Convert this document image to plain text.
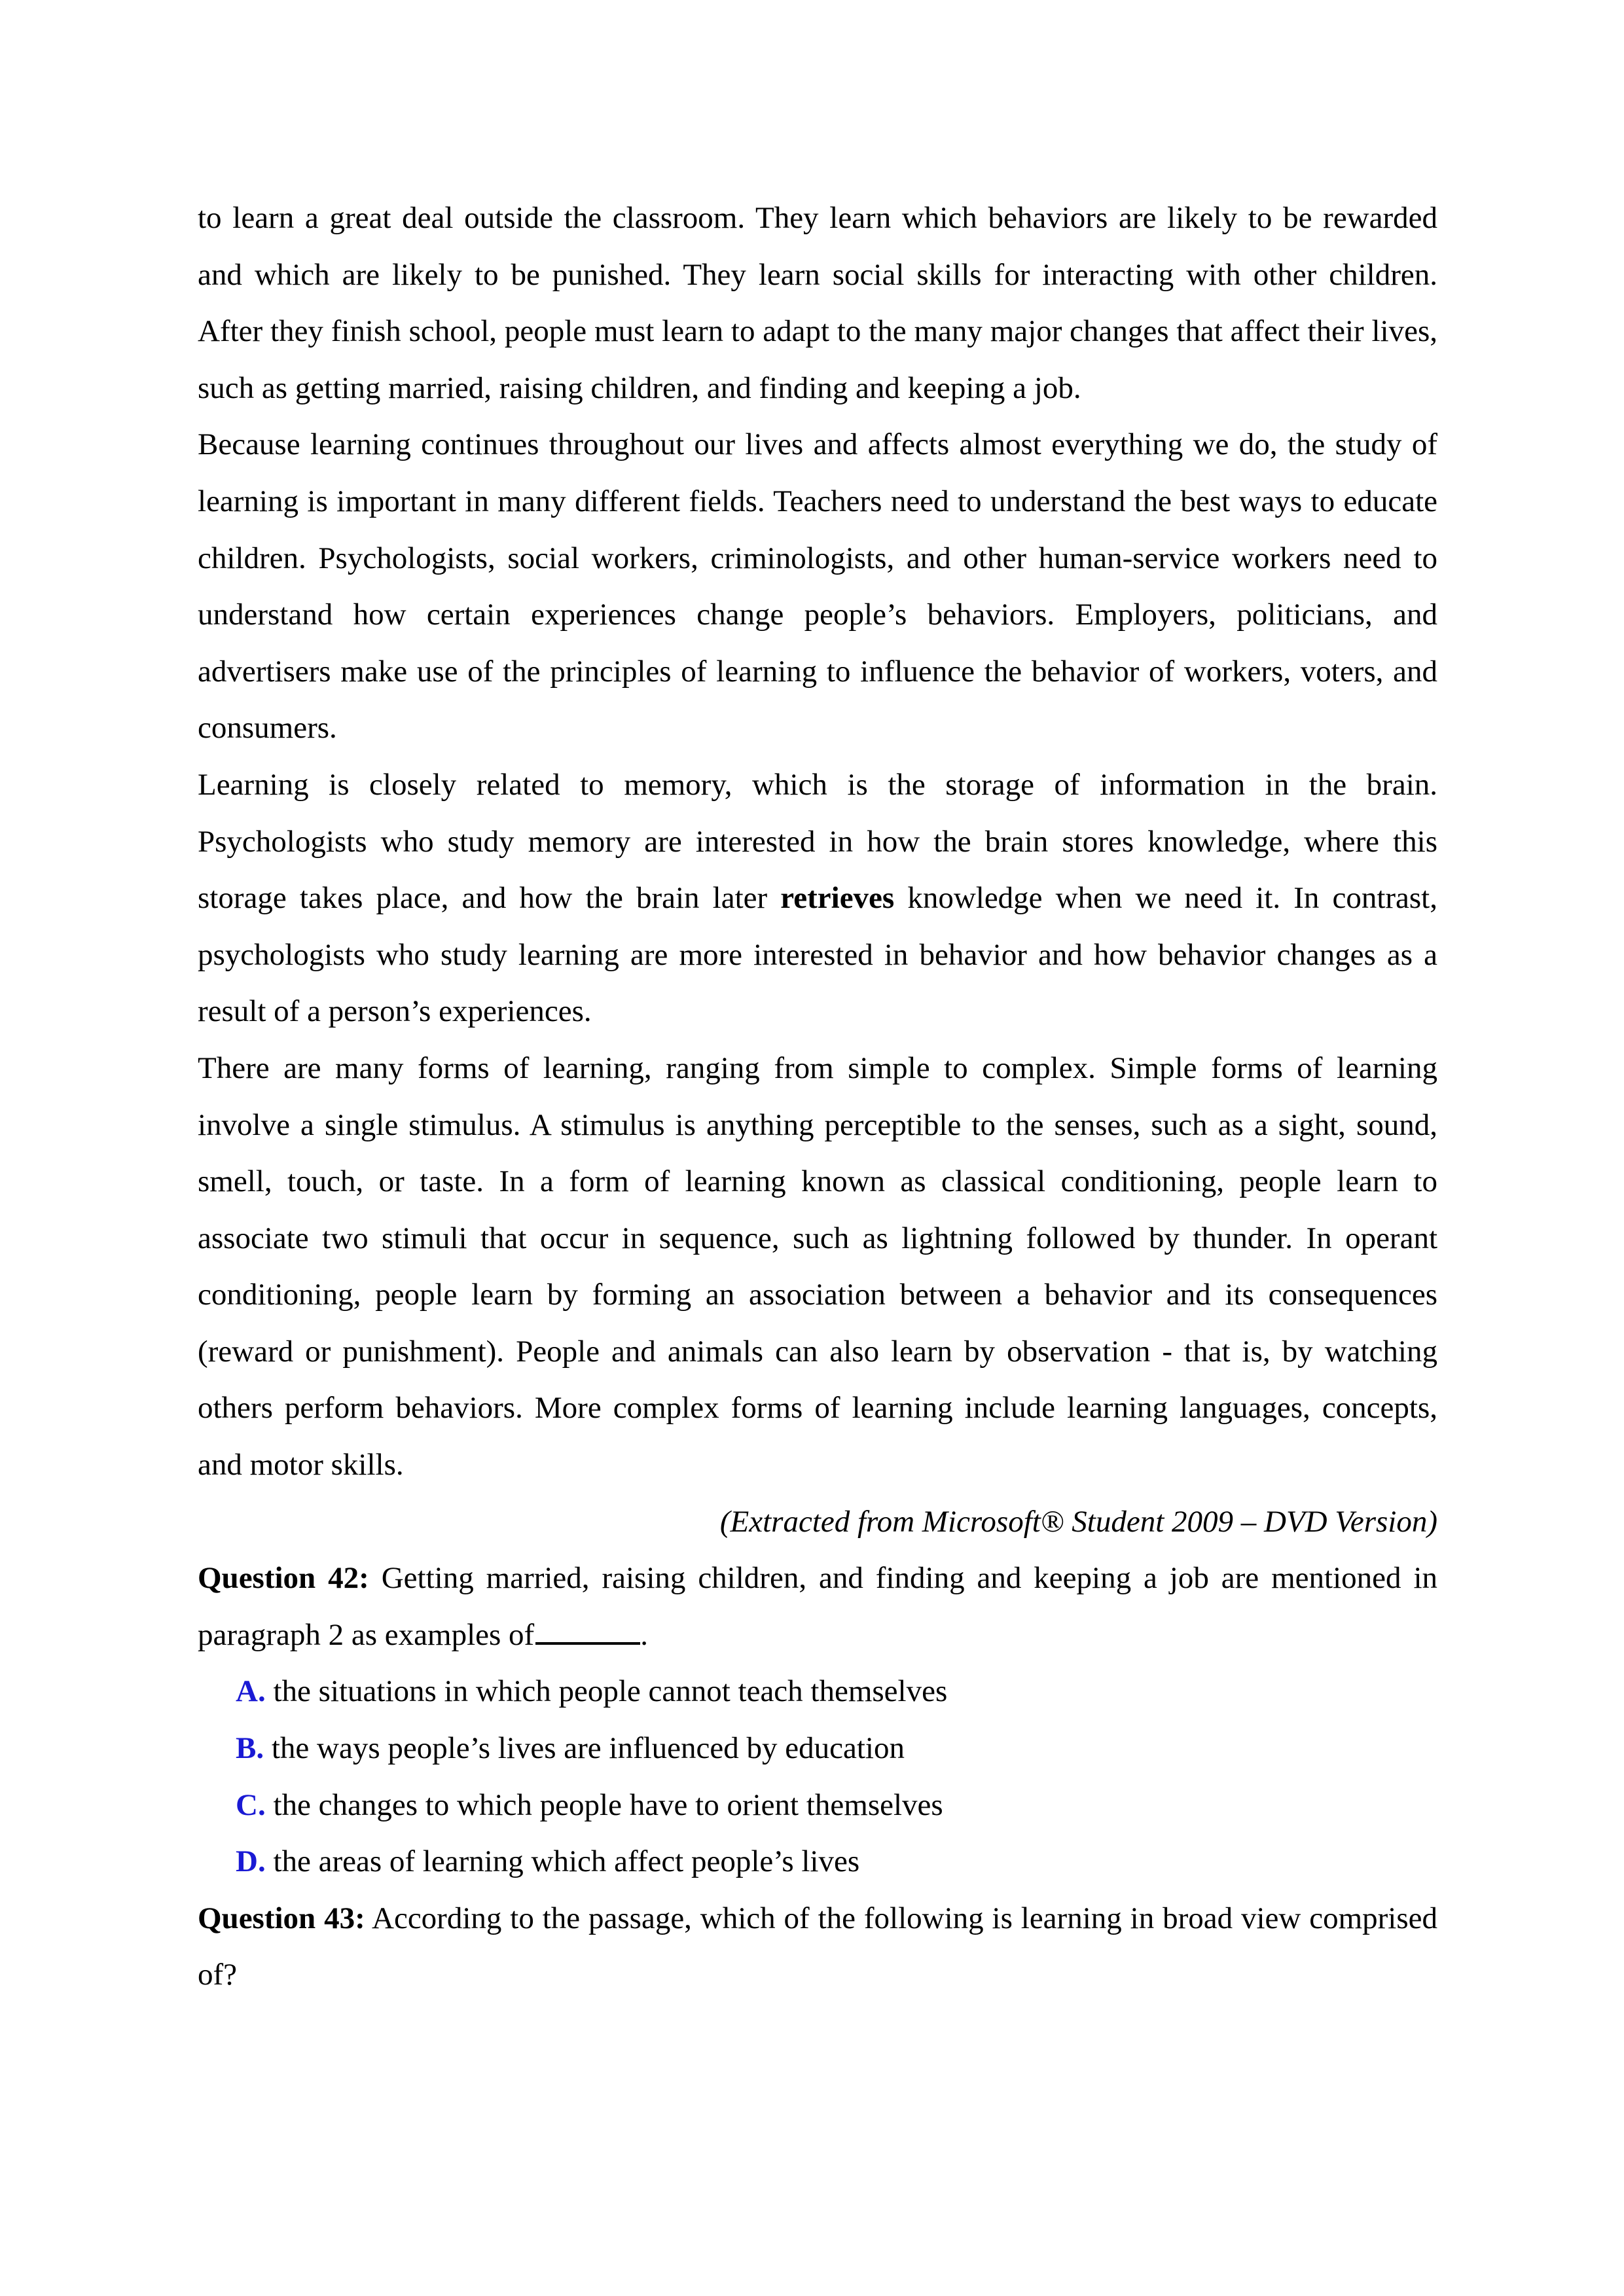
to learn a great deal outside the classroom. They learn which behaviors are likely to be rewarded and which are likely to be punished. They learn social skills for interacting with other children. After they finish school, people must learn to adapt to the many major changes that affect their lives, such as getting married, raising children, and finding and keeping a job.

Because learning continues throughout our lives and affects almost everything we do, the study of learning is important in many different fields. Teachers need to understand the best ways to educate children. Psychologists, social workers, criminologists, and other human-service workers need to understand how certain experiences change people’s behaviors. Employers, politicians, and advertisers make use of the principles of learning to influence the behavior of workers, voters, and consumers.

Learning is closely related to memory, which is the storage of information in the brain. Psychologists who study memory are interested in how the brain stores knowledge, where this storage takes place, and how the brain later retrieves knowledge when we need it. In contrast, psychologists who study learning are more interested in behavior and how behavior changes as a result of a person’s experiences.

There are many forms of learning, ranging from simple to complex. Simple forms of learning involve a single stimulus. A stimulus is anything perceptible to the senses, such as a sight, sound, smell, touch, or taste. In a form of learning known as classical conditioning, people learn to associate two stimuli that occur in sequence, such as lightning followed by thunder. In operant conditioning, people learn by forming an association between a behavior and its consequences (reward or punishment). People and animals can also learn by observation - that is, by watching others perform behaviors. More complex forms of learning include learning languages, concepts, and motor skills.

(Extracted from Microsoft® Student 2009 – DVD Version)

Question 42: Getting married, raising children, and finding and keeping a job are mentioned in paragraph 2 as examples of	.

A. the situations in which people cannot teach themselves

B. the ways people’s lives are influenced by education

C. the changes to which people have to orient themselves

D. the areas of learning which affect people’s lives

Question 43: According to the passage, which of the following is learning in broad view comprised of?
